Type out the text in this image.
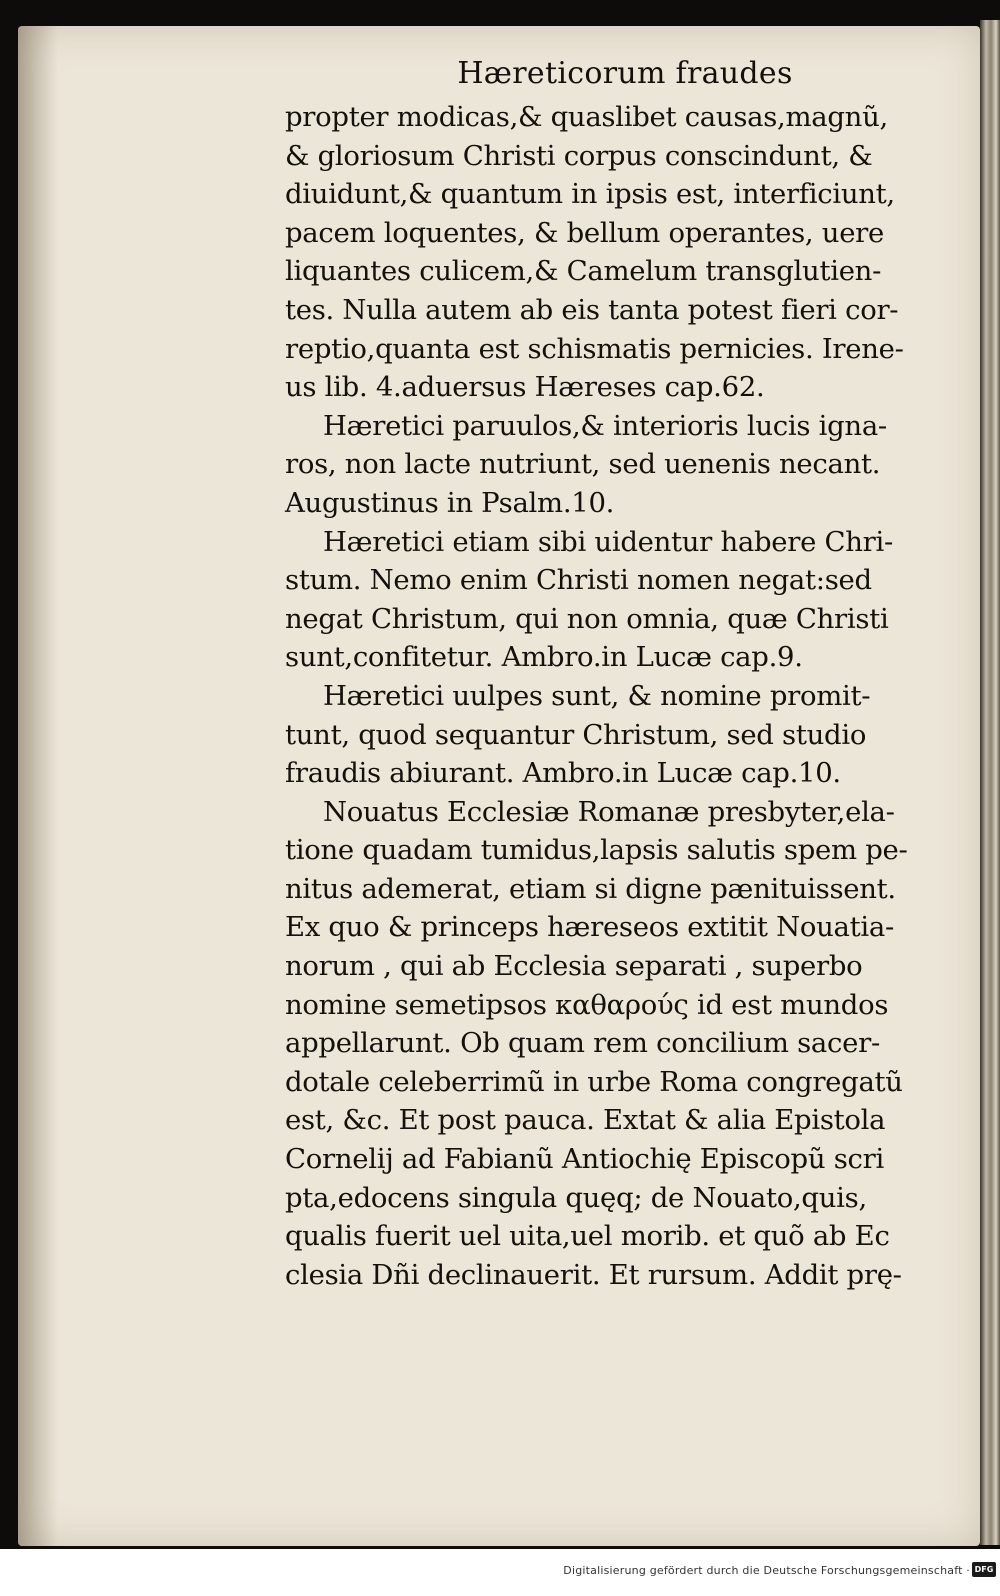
Hæreticorum fraudes
propter modicas,& quaslibet causas,magnũ,
& gloriosum Christi corpus conscindunt, &
diuidunt,& quantum in ipsis est, interficiunt,
pacem loquentes, & bellum operantes, uere
liquantes culicem,& Camelum transglutien-
tes. Nulla autem ab eis tanta potest fieri cor-
reptio,quanta est schismatis pernicies. Irene-
us lib. 4.aduersus Hæreses cap.62.
Hæretici paruulos,& interioris lucis igna-
ros, non lacte nutriunt, sed uenenis necant.
Augustinus in Psalm.10.
Hæretici etiam sibi uidentur habere Chri-
stum. Nemo enim Christi nomen negat:sed
negat Christum, qui non omnia, quæ Christi
sunt,confitetur. Ambro.in Lucæ cap.9.
Hæretici uulpes sunt, & nomine promit-
tunt, quod sequantur Christum, sed studio
fraudis abiurant. Ambro.in Lucæ cap.10.
Nouatus Ecclesiæ Romanæ presbyter,ela-
tione quadam tumidus,lapsis salutis spem pe-
nitus ademerat, etiam si digne pænituissent.
Ex quo & princeps hæreseos extitit Nouatia-
norum , qui ab Ecclesia separati , superbo
nomine semetipsos καθαρούς id est mundos
appellarunt. Ob quam rem concilium sacer-
dotale celeberrimũ in urbe Roma congregatũ
est, &c. Et post pauca. Extat & alia Epistola
Cornelij ad Fabianũ Antiochię Episcopũ scri
pta,edocens singula quęq; de Nouato,quis,
qualis fuerit uel uita,uel morib. et quõ ab Ec
clesia Dñi declinauerit. Et rursum. Addit prę-
Digitalisierung gefördert durch die Deutsche Forschungsgemeinschaft · DFG
